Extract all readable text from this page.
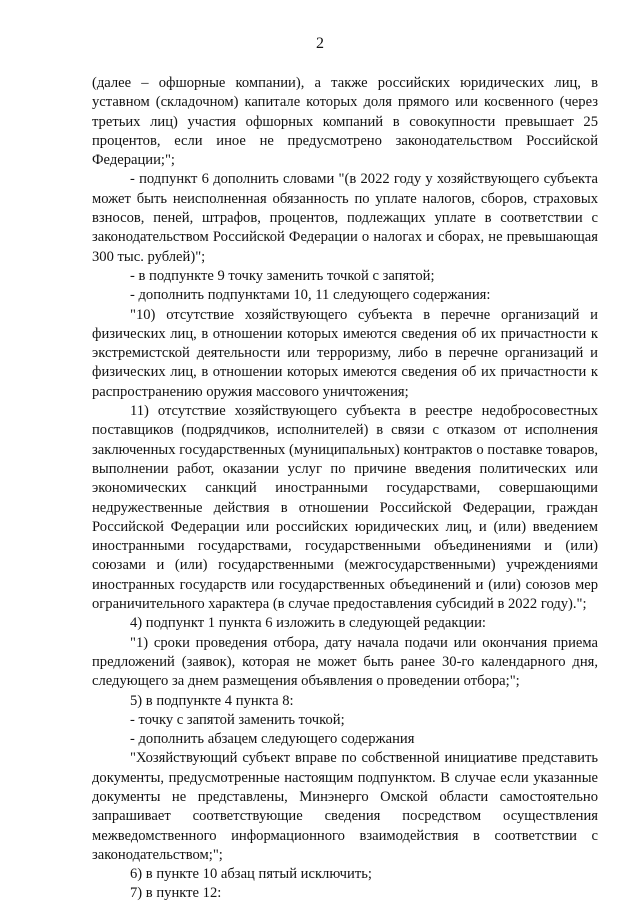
2

(далее – офшорные компании), а также российских юридических лиц, в уставном (складочном) капитале которых доля прямого или косвенного (через третьих лиц) участия офшорных компаний в совокупности превышает 25 процентов, если иное не предусмотрено законодательством Российской Федерации;";

- подпункт 6 дополнить словами "(в 2022 году у хозяйствующего субъекта может быть неисполненная обязанность по уплате налогов, сборов, страховых взносов, пеней, штрафов, процентов, подлежащих уплате в соответствии с законодательством Российской Федерации о налогах и сборах, не превышающая 300 тыс. рублей)";

- в подпункте 9 точку заменить точкой с запятой;

- дополнить подпунктами 10, 11 следующего содержания:

"10) отсутствие хозяйствующего субъекта в перечне организаций и физических лиц, в отношении которых имеются сведения об их причастности к экстремистской деятельности или терроризму, либо в перечне организаций и физических лиц, в отношении которых имеются сведения об их причастности к распространению оружия массового уничтожения;

11) отсутствие хозяйствующего субъекта в реестре недобросовестных поставщиков (подрядчиков, исполнителей) в связи с отказом от исполнения заключенных государственных (муниципальных) контрактов о поставке товаров, выполнении работ, оказании услуг по причине введения политических или экономических санкций иностранными государствами, совершающими недружественные действия в отношении Российской Федерации, граждан Российской Федерации или российских юридических лиц, и (или) введением иностранными государствами, государственными объединениями и (или) союзами и (или) государственными (межгосударственными) учреждениями иностранных государств или государственных объединений и (или) союзов мер ограничительного характера (в случае предоставления субсидий в 2022 году).";

4) подпункт 1 пункта 6 изложить в следующей редакции:

"1) сроки проведения отбора, дату начала подачи или окончания приема предложений (заявок), которая не может быть ранее 30-го календарного дня, следующего за днем размещения объявления о проведении отбора;";

5) в подпункте 4 пункта 8:

- точку с запятой заменить точкой;

- дополнить абзацем следующего содержания

"Хозяйствующий субъект вправе по собственной инициативе представить документы, предусмотренные настоящим подпунктом. В случае если указанные документы не представлены, Минэнерго Омской области самостоятельно запрашивает соответствующие сведения посредством осуществления межведомственного информационного взаимодействия в соответствии с законодательством;";

6) в пункте 10 абзац пятый исключить;

7) в пункте 12:
